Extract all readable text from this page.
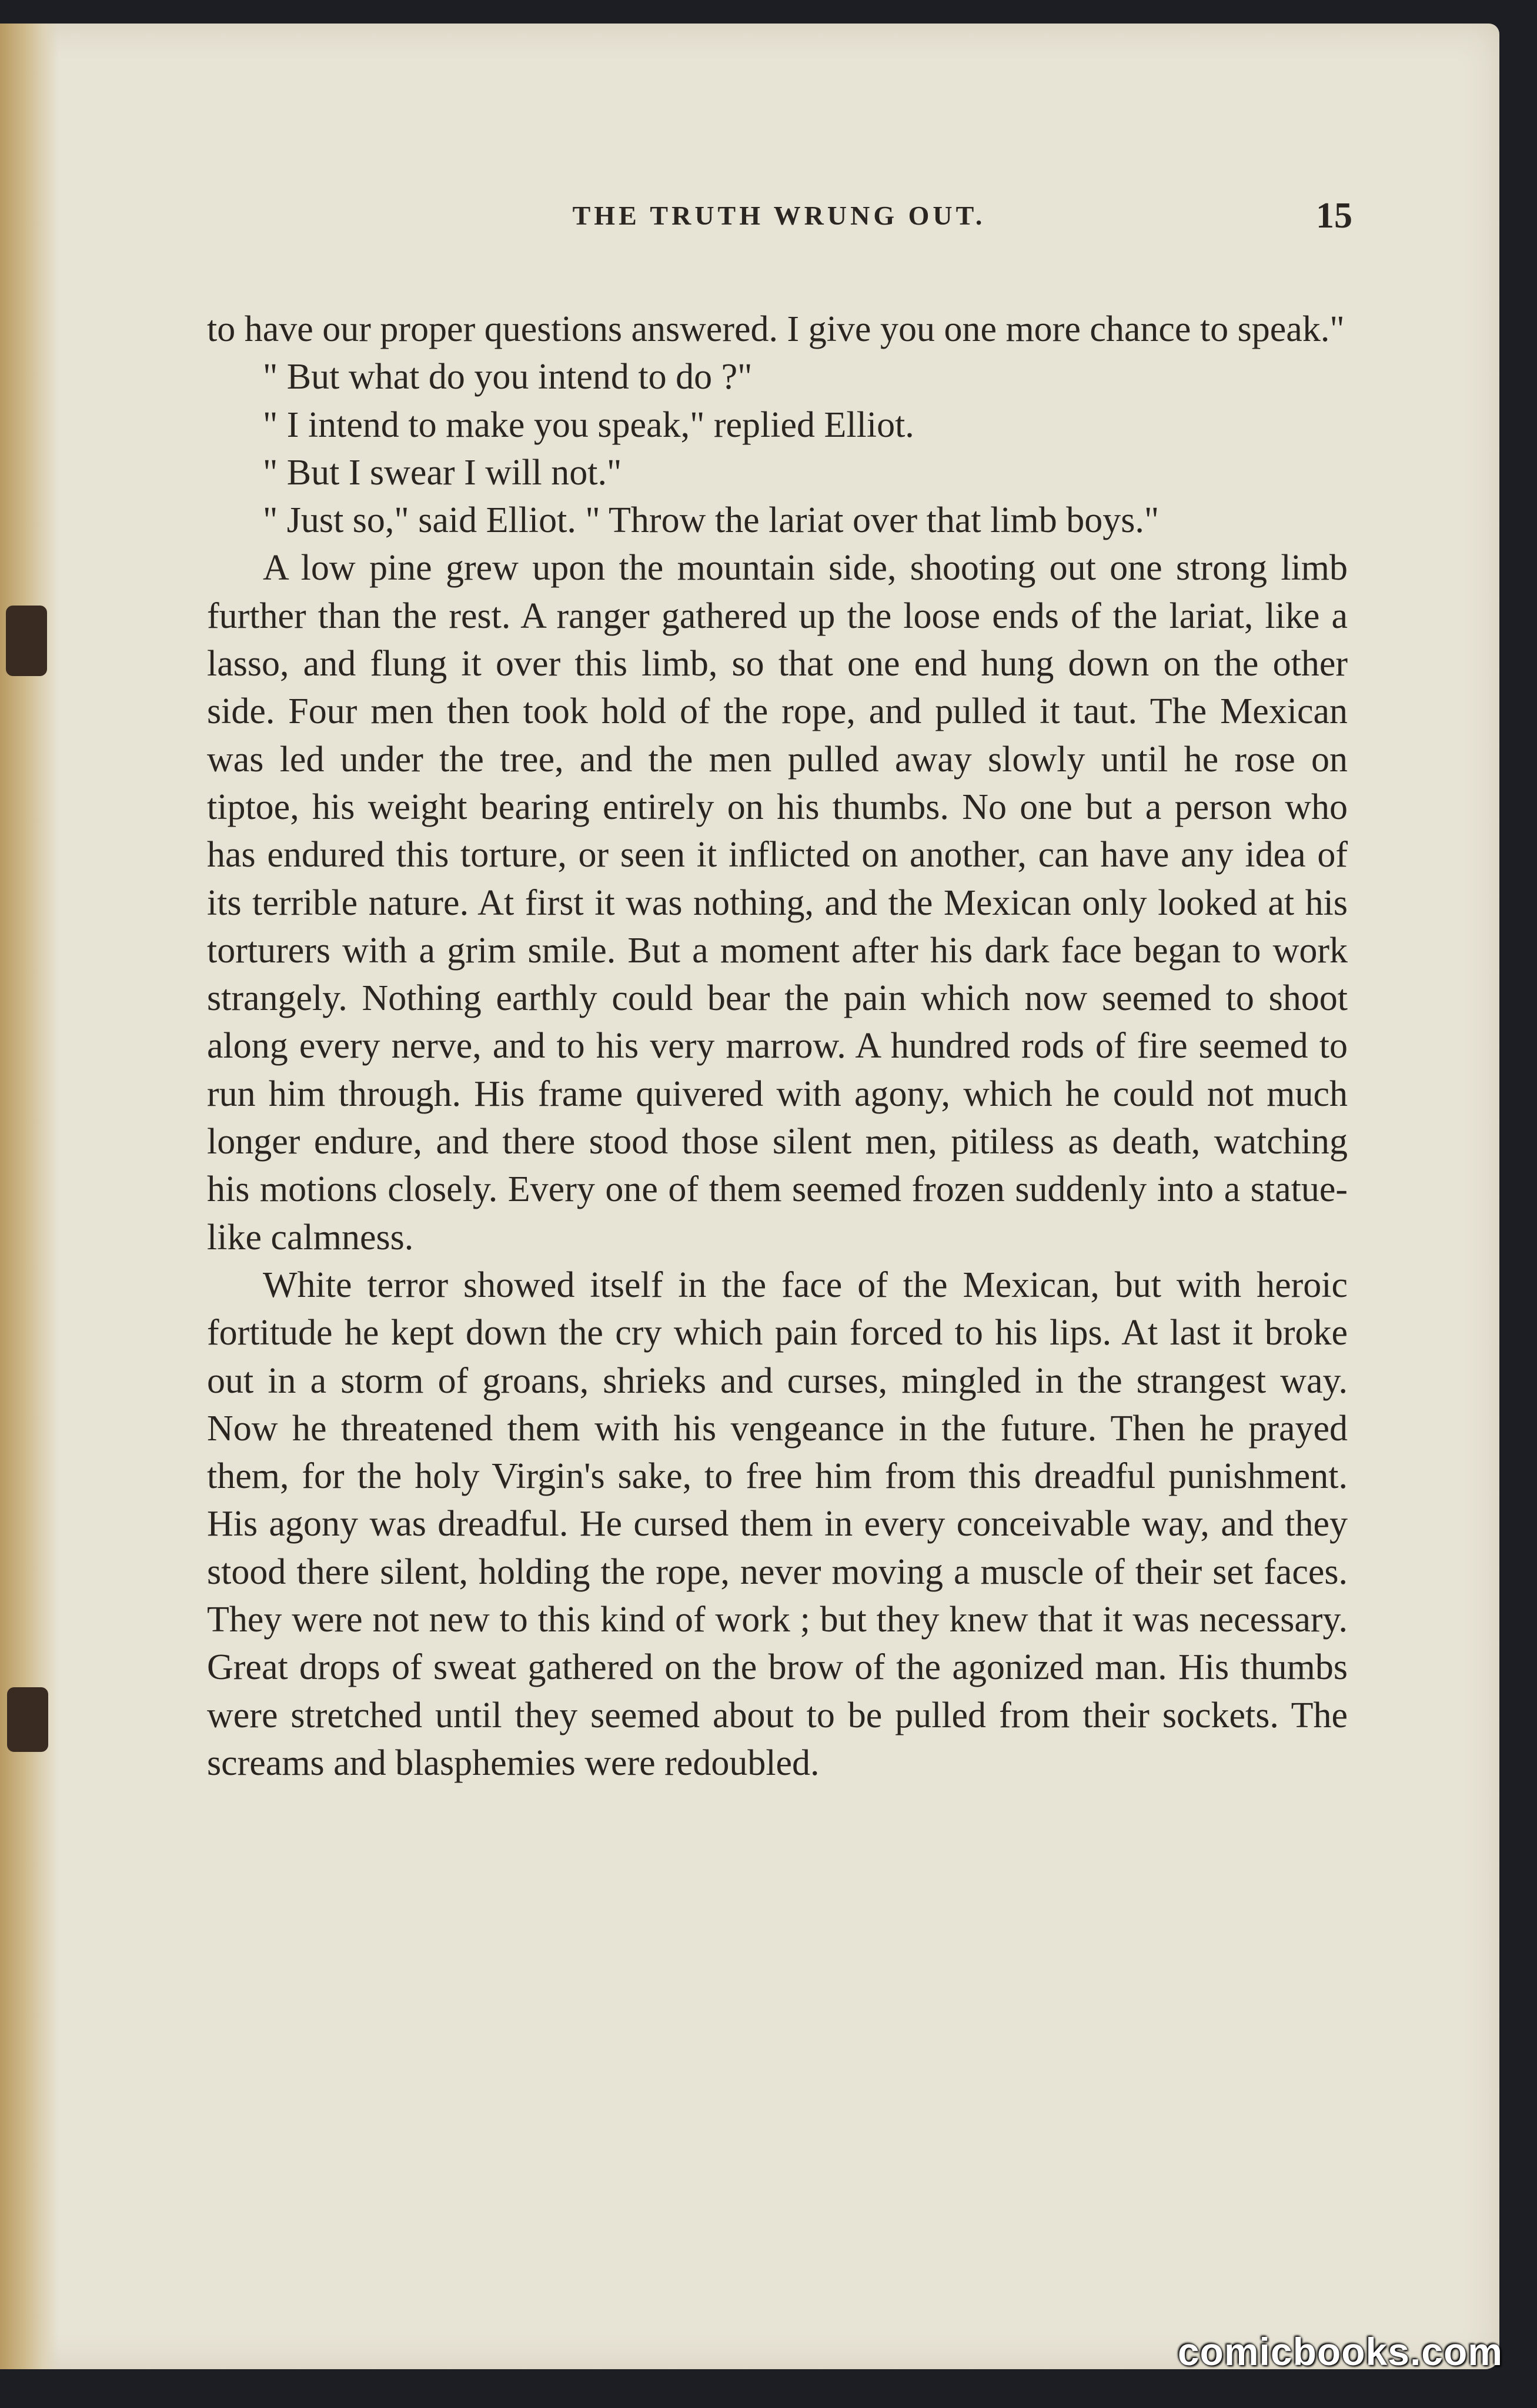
THE TRUTH WRUNG OUT.	15

to have our proper questions answered. I give you one more chance to speak."

" But what do you intend to do ?"

" I intend to make you speak," replied Elliot.

" But I swear I will not."

" Just so," said Elliot. " Throw the lariat over that limb boys."

A low pine grew upon the mountain side, shooting out one strong limb further than the rest. A ranger gathered up the loose ends of the lariat, like a lasso, and flung it over this limb, so that one end hung down on the other side. Four men then took hold of the rope, and pulled it taut. The Mexican was led under the tree, and the men pulled away slowly until he rose on tiptoe, his weight bearing entirely on his thumbs. No one but a person who has endured this torture, or seen it inflicted on another, can have any idea of its terrible nature. At first it was nothing, and the Mexican only looked at his torturers with a grim smile. But a moment after his dark face began to work strangely. Nothing earthly could bear the pain which now seemed to shoot along every nerve, and to his very marrow. A hundred rods of fire seemed to run him through. His frame quivered with agony, which he could not much longer endure, and there stood those silent men, pitiless as death, watching his motions closely. Every one of them seemed frozen suddenly into a statue-like calmness.

White terror showed itself in the face of the Mexican, but with heroic fortitude he kept down the cry which pain forced to his lips. At last it broke out in a storm of groans, shrieks and curses, mingled in the strangest way. Now he threatened them with his vengeance in the future. Then he prayed them, for the holy Virgin's sake, to free him from this dreadful punishment. His agony was dreadful. He cursed them in every conceivable way, and they stood there silent, holding the rope, never moving a muscle of their set faces. They were not new to this kind of work ; but they knew that it was necessary. Great drops of sweat gathered on the brow of the agonized man. His thumbs were stretched until they seemed about to be pulled from their sockets. The screams and blasphemies were redoubled.

comicbooks.com
